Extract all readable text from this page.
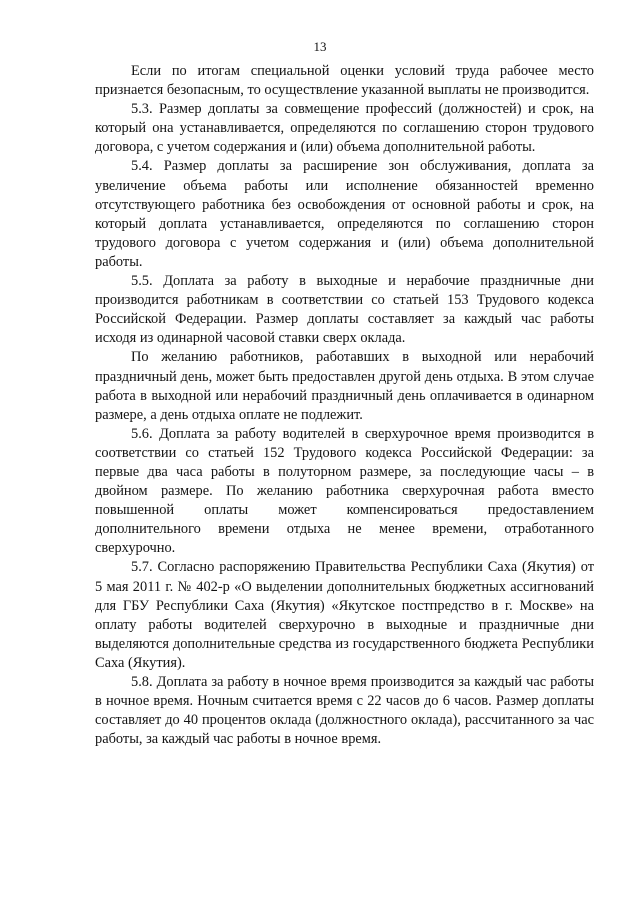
13

Если по итогам специальной оценки условий труда рабочее место признается безопасным, то осуществление указанной выплаты не производится.

5.3. Размер доплаты за совмещение профессий (должностей) и срок, на который она устанавливается, определяются по соглашению сторон трудового договора, с учетом содержания и (или) объема дополнительной работы.

5.4. Размер доплаты за расширение зон обслуживания, доплата за увеличение объема работы или исполнение обязанностей временно отсутствующего работника без освобождения от основной работы и срок, на который доплата устанавливается, определяются по соглашению сторон трудового договора с учетом содержания и (или) объема дополнительной работы.

5.5. Доплата за работу в выходные и нерабочие праздничные дни производится работникам в соответствии со статьей 153 Трудового кодекса Российской Федерации. Размер доплаты составляет за каждый час работы исходя из одинарной часовой ставки сверх оклада.

По желанию работников, работавших в выходной или нерабочий праздничный день, может быть предоставлен другой день отдыха. В этом случае работа в выходной или нерабочий праздничный день оплачивается в одинарном размере, а день отдыха оплате не подлежит.

5.6. Доплата за работу водителей в сверхурочное время производится в соответствии со статьей 152 Трудового кодекса Российской Федерации: за первые два часа работы в полуторном размере, за последующие часы – в двойном размере. По желанию работника сверхурочная работа вместо повышенной оплаты может компенсироваться предоставлением дополнительного времени отдыха не менее времени, отработанного сверхурочно.

5.7. Согласно распоряжению Правительства Республики Саха (Якутия) от 5 мая 2011 г. № 402-р «О выделении дополнительных бюджетных ассигнований для ГБУ Республики Саха (Якутия) «Якутское постпредство в г. Москве» на оплату работы водителей сверхурочно в выходные и праздничные дни выделяются дополнительные средства из государственного бюджета Республики Саха (Якутия).

5.8. Доплата за работу в ночное время производится за каждый час работы в ночное время. Ночным считается время с 22 часов до 6 часов. Размер доплаты составляет до 40 процентов оклада (должностного оклада), рассчитанного за час работы, за каждый час работы в ночное время.
